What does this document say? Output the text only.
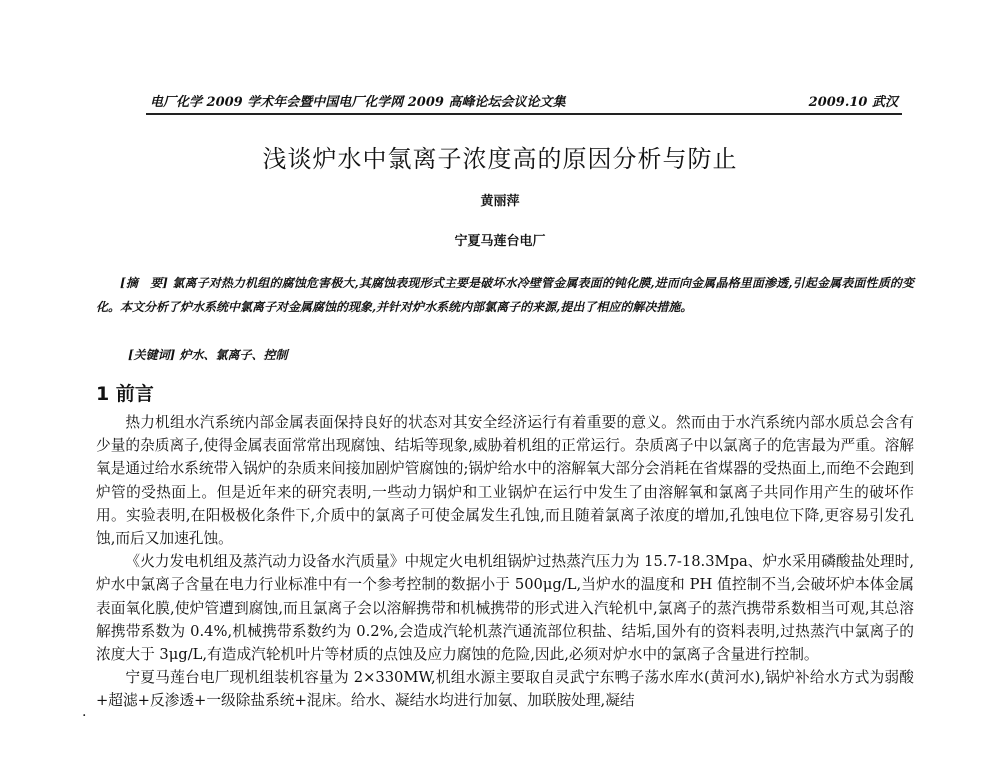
电厂化学 2009 学术年会暨中国电厂化学网 2009 高峰论坛会议论文集	2009.10 武汉
浅谈炉水中氯离子浓度高的原因分析与防止
黄丽萍
宁夏马莲台电厂
[摘　要] 氯离子对热力机组的腐蚀危害极大,其腐蚀表现形式主要是破坏水冷壁管金属表面的钝化膜,进而向金属晶格里面渗透,引起金属表面性质的变化。本文分析了炉水系统中氯离子对金属腐蚀的现象,并针对炉水系统内部氯离子的来源,提出了相应的解决措施。
[关键词] 炉水、氯离子、控制
1 前言

热力机组水汽系统内部金属表面保持良好的状态对其安全经济运行有着重要的意义。然而由于水汽系统内部水质总会含有少量的杂质离子,使得金属表面常常出现腐蚀、结垢等现象,威胁着机组的正常运行。杂质离子中以氯离子的危害最为严重。溶解氧是通过给水系统带入锅炉的杂质来间接加剧炉管腐蚀的;锅炉给水中的溶解氧大部分会消耗在省煤器的受热面上,而绝不会跑到炉管的受热面上。但是近年来的研究表明,一些动力锅炉和工业锅炉在运行中发生了由溶解氧和氯离子共同作用产生的破坏作用。实验表明,在阳极极化条件下,介质中的氯离子可使金属发生孔蚀,而且随着氯离子浓度的增加,孔蚀电位下降,更容易引发孔蚀,而后又加速孔蚀。

《火力发电机组及蒸汽动力设备水汽质量》中规定火电机组锅炉过热蒸汽压力为 15.7-18.3Mpa、炉水采用磷酸盐处理时,炉水中氯离子含量在电力行业标准中有一个参考控制的数据小于 500μg/L,当炉水的温度和 PH 值控制不当,会破坏炉本体金属表面氧化膜,使炉管遭到腐蚀,而且氯离子会以溶解携带和机械携带的形式进入汽轮机中,氯离子的蒸汽携带系数相当可观,其总溶解携带系数为 0.4%,机械携带系数约为 0.2%,会造成汽轮机蒸汽通流部位积盐、结垢,国外有的资料表明,过热蒸汽中氯离子的浓度大于 3μg/L,有造成汽轮机叶片等材质的点蚀及应力腐蚀的危险,因此,必须对炉水中的氯离子含量进行控制。

宁夏马莲台电厂现机组装机容量为 2×330MW,机组水源主要取自灵武宁东鸭子荡水库水(黄河水),锅炉补给水方式为弱酸+超滤+反渗透+一级除盐系统+混床。给水、凝结水均进行加氨、加联胺处理,凝结

.
